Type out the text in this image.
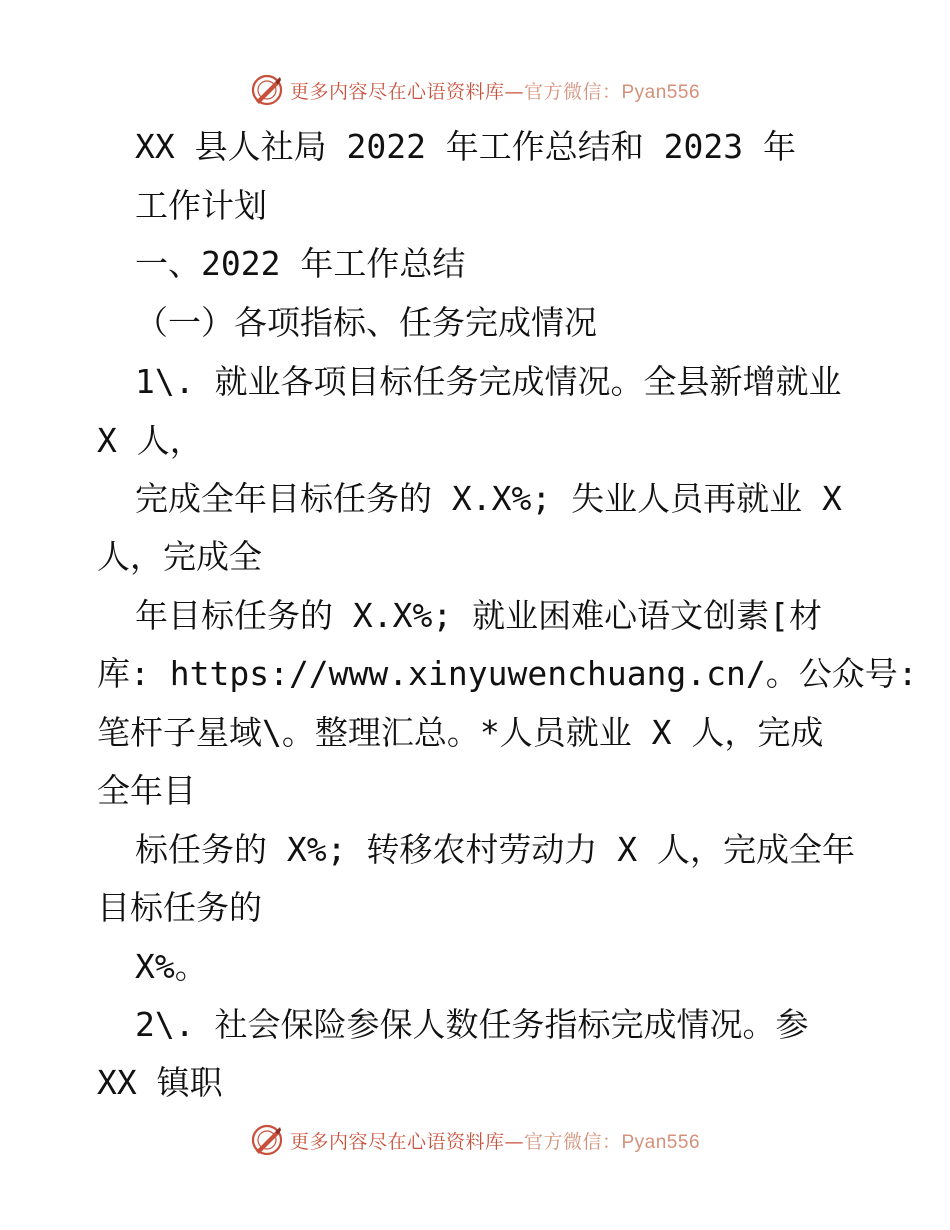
更多内容尽在心语资料库—官方微信：Pyan556
XX 县人社局 2022 年工作总结和 2023 年
工作计划
一、2022 年工作总结
（一）各项指标、任务完成情况
1\. 就业各项目标任务完成情况。全县新增就业
X 人，
完成全年目标任务的 X.X%; 失业人员再就业 X
人，完成全
年目标任务的 X.X%; 就业困难心语文创素[材
库: https://www.xinyuwenchuang.cn/。公众号:
笔杆子星域\。整理汇总。*人员就业 X 人，完成
全年目
标任务的 X%; 转移农村劳动力 X 人，完成全年
目标任务的
X%。
2\. 社会保险参保人数任务指标完成情况。参
XX 镇职
更多内容尽在心语资料库—官方微信：Pyan556
